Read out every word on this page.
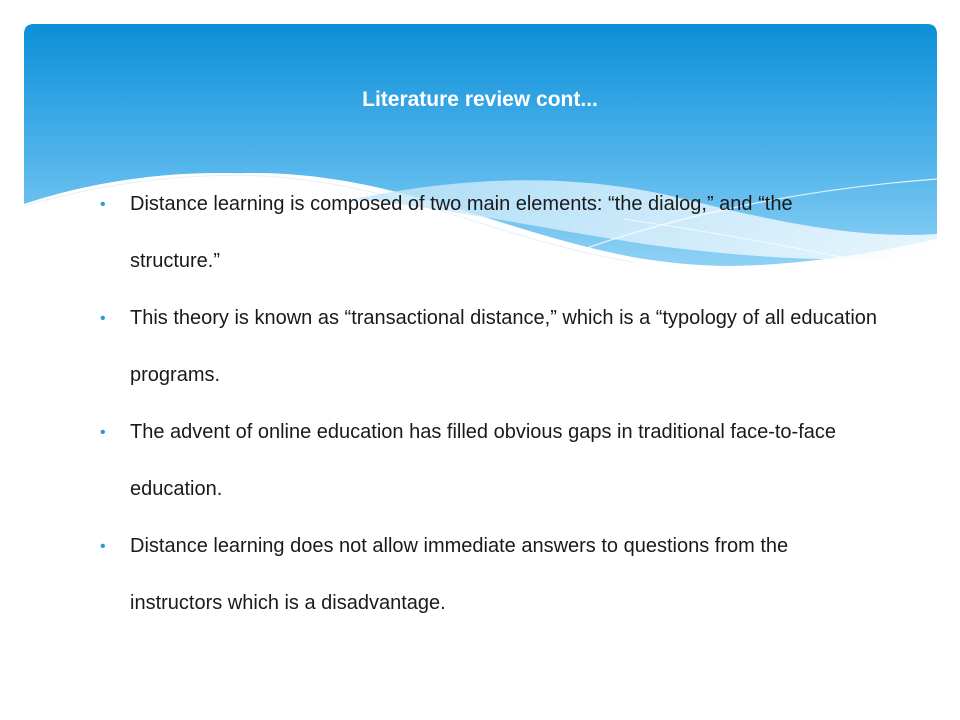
Literature review cont...
• Distance learning is composed of two main elements: “the dialog,” and “the structure.”
• This theory is known as “transactional distance,” which is a “typology of all education programs.
• The advent of online education has filled obvious gaps in traditional face-to-face education.
• Distance learning does not allow immediate answers to questions from the instructors which is a disadvantage.
